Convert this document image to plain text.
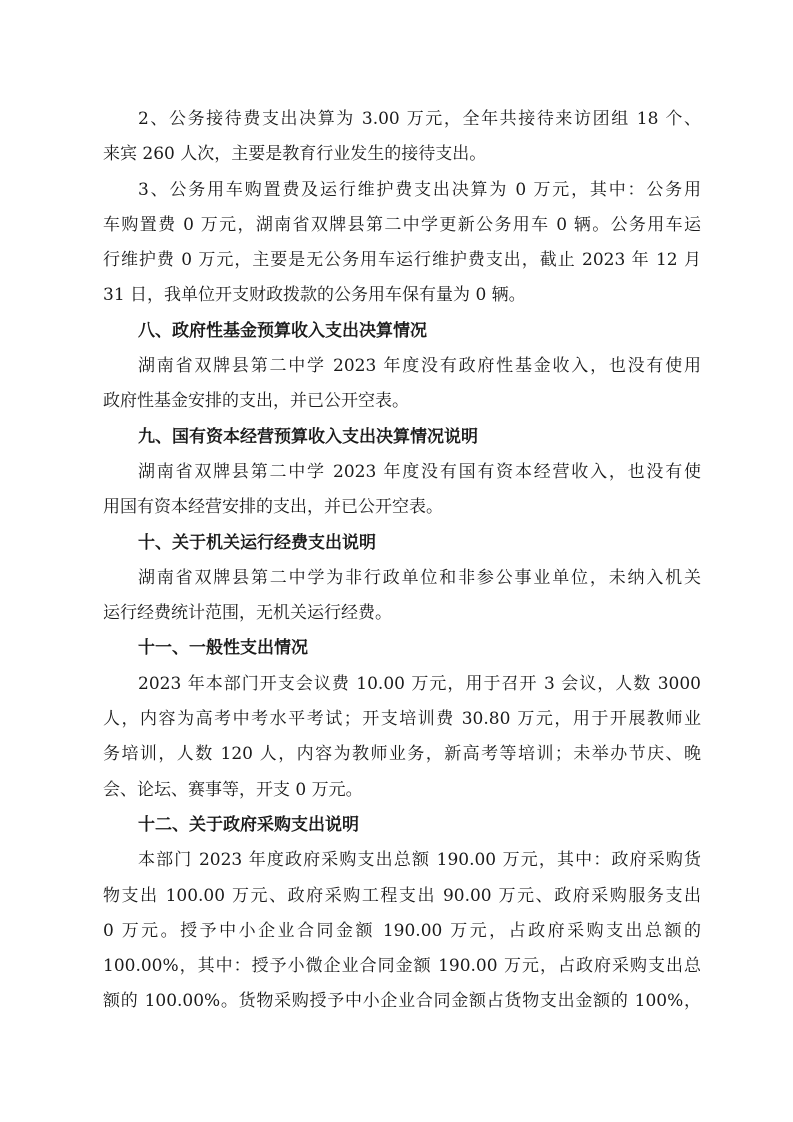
2、公务接待费支出决算为 3.00 万元，全年共接待来访团组 18 个、
来宾 260 人次，主要是教育行业发生的接待支出。
3、公务用车购置费及运行维护费支出决算为 0 万元，其中：公务用
车购置费 0 万元，湖南省双牌县第二中学更新公务用车 0 辆。公务用车运
行维护费 0 万元，主要是无公务用车运行维护费支出，截止 2023 年 12 月
31 日，我单位开支财政拨款的公务用车保有量为 0 辆。
八、政府性基金预算收入支出决算情况
湖南省双牌县第二中学 2023 年度没有政府性基金收入，也没有使用
政府性基金安排的支出，并已公开空表。
九、国有资本经营预算收入支出决算情况说明
湖南省双牌县第二中学 2023 年度没有国有资本经营收入，也没有使
用国有资本经营安排的支出，并已公开空表。
十、关于机关运行经费支出说明
湖南省双牌县第二中学为非行政单位和非参公事业单位，未纳入机关
运行经费统计范围，无机关运行经费。
十一、一般性支出情况
2023 年本部门开支会议费 10.00 万元，用于召开 3 会议，人数 3000
人，内容为高考中考水平考试；开支培训费 30.80 万元，用于开展教师业
务培训，人数 120 人，内容为教师业务，新高考等培训；未举办节庆、晚
会、论坛、赛事等，开支 0 万元。
十二、关于政府采购支出说明
本部门 2023 年度政府采购支出总额 190.00 万元，其中：政府采购货
物支出 100.00 万元、政府采购工程支出 90.00 万元、政府采购服务支出
0 万元。授予中小企业合同金额 190.00 万元，占政府采购支出总额的
100.00%，其中：授予小微企业合同金额 190.00 万元，占政府采购支出总
额的 100.00%。货物采购授予中小企业合同金额占货物支出金额的 100%，
